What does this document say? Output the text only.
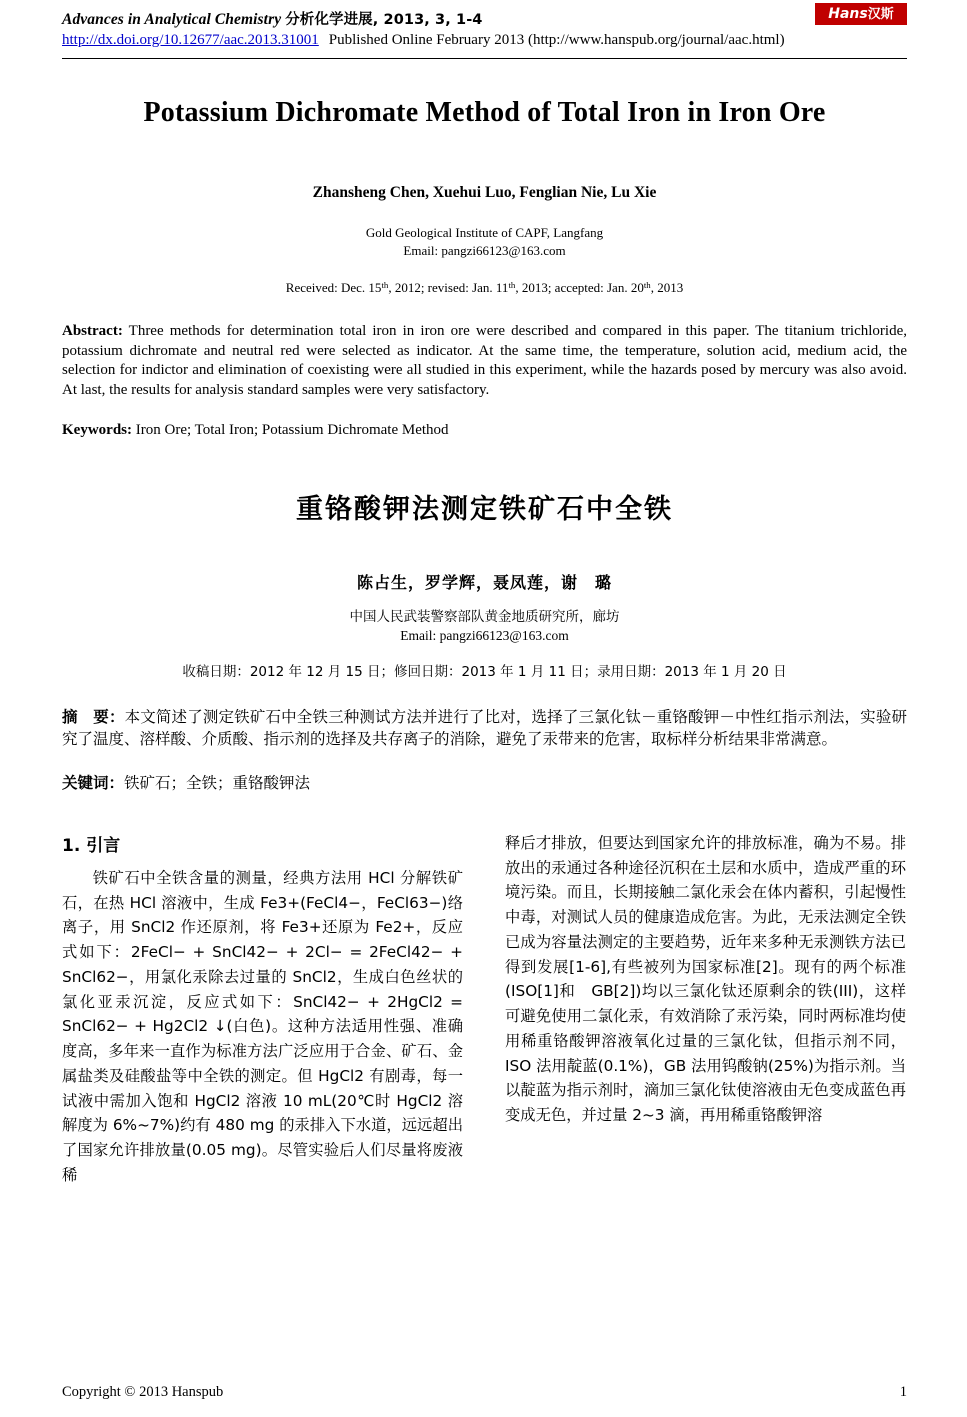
Advances in Analytical Chemistry 分析化学进展, 2013, 3, 1-4
http://dx.doi.org/10.12677/aac.2013.31001 Published Online February 2013 (http://www.hanspub.org/journal/aac.html)
Hans汉斯
Potassium Dichromate Method of Total Iron in Iron Ore
Zhansheng Chen, Xuehui Luo, Fenglian Nie, Lu Xie
Gold Geological Institute of CAPF, Langfang
Email: pangzi66123@163.com
Received: Dec. 15th, 2012; revised: Jan. 11th, 2013; accepted: Jan. 20th, 2013
Abstract: Three methods for determination total iron in iron ore were described and compared in this paper. The titanium trichloride, potassium dichromate and neutral red were selected as indicator. At the same time, the temperature, solution acid, medium acid, the selection for indictor and elimination of coexisting were all studied in this experiment, while the hazards posed by mercury was also avoid. At last, the results for analysis standard samples were very satisfactory.
Keywords: Iron Ore; Total Iron; Potassium Dichromate Method
重铬酸钾法测定铁矿石中全铁
陈占生，罗学辉，聂凤莲，谢　璐
中国人民武装警察部队黄金地质研究所，廊坊
Email: pangzi66123@163.com
收稿日期：2012 年 12 月 15 日；修回日期：2013 年 1 月 11 日；录用日期：2013 年 1 月 20 日
摘　要：本文简述了测定铁矿石中全铁三种测试方法并进行了比对，选择了三氯化钛－重铬酸钾－中性红指示剂法，实验研究了温度、溶样酸、介质酸、指示剂的选择及共存离子的消除，避免了汞带来的危害，取标样分析结果非常满意。
关键词：铁矿石；全铁；重铬酸钾法
1. 引言
铁矿石中全铁含量的测量，经典方法用 HCl 分解铁矿石，在热 HCl 溶液中，生成 Fe3+(FeCl4−，FeCl63−)络离子，用 SnCl2 作还原剂，将 Fe3+还原为 Fe2+，反应式如下：2FeCl− + SnCl42− + 2Cl− = 2FeCl42− + SnCl62−，用氯化汞除去过量的 SnCl2，生成白色丝状的氯化亚汞沉淀，反应式如下：SnCl42− + 2HgCl2 = SnCl62− + Hg2Cl2 ↓(白色)。这种方法适用性强、准确度高，多年来一直作为标准方法广泛应用于合金、矿石、金属盐类及硅酸盐等中全铁的测定。但 HgCl2 有剧毒，每一试液中需加入饱和 HgCl2 溶液 10 mL(20℃时 HgCl2 溶解度为 6%~7%)约有 480 mg 的汞排入下水道，远远超出了国家允许排放量(0.05 mg)。尽管实验后人们尽量将废液稀
释后才排放，但要达到国家允许的排放标准，确为不易。排放出的汞通过各种途径沉积在土层和水质中，造成严重的环境污染。而且，长期接触二氯化汞会在体内蓄积，引起慢性中毒，对测试人员的健康造成危害。为此，无汞法测定全铁已成为容量法测定的主要趋势，近年来多种无汞测铁方法已得到发展[1-6],有些被列为国家标准[2]。现有的两个标准(ISO[1]和　GB[2])均以三氯化钛还原剩余的铁(III)，这样可避免使用二氯化汞，有效消除了汞污染，同时两标准均使用稀重铬酸钾溶液氧化过量的三氯化钛，但指示剂不同，ISO 法用靛蓝(0.1%)，GB 法用钨酸钠(25%)为指示剂。当以靛蓝为指示剂时，滴加三氯化钛使溶液由无色变成蓝色再变成无色，并过量 2~3 滴，再用稀重铬酸钾溶
Copyright © 2013 Hanspub	1
